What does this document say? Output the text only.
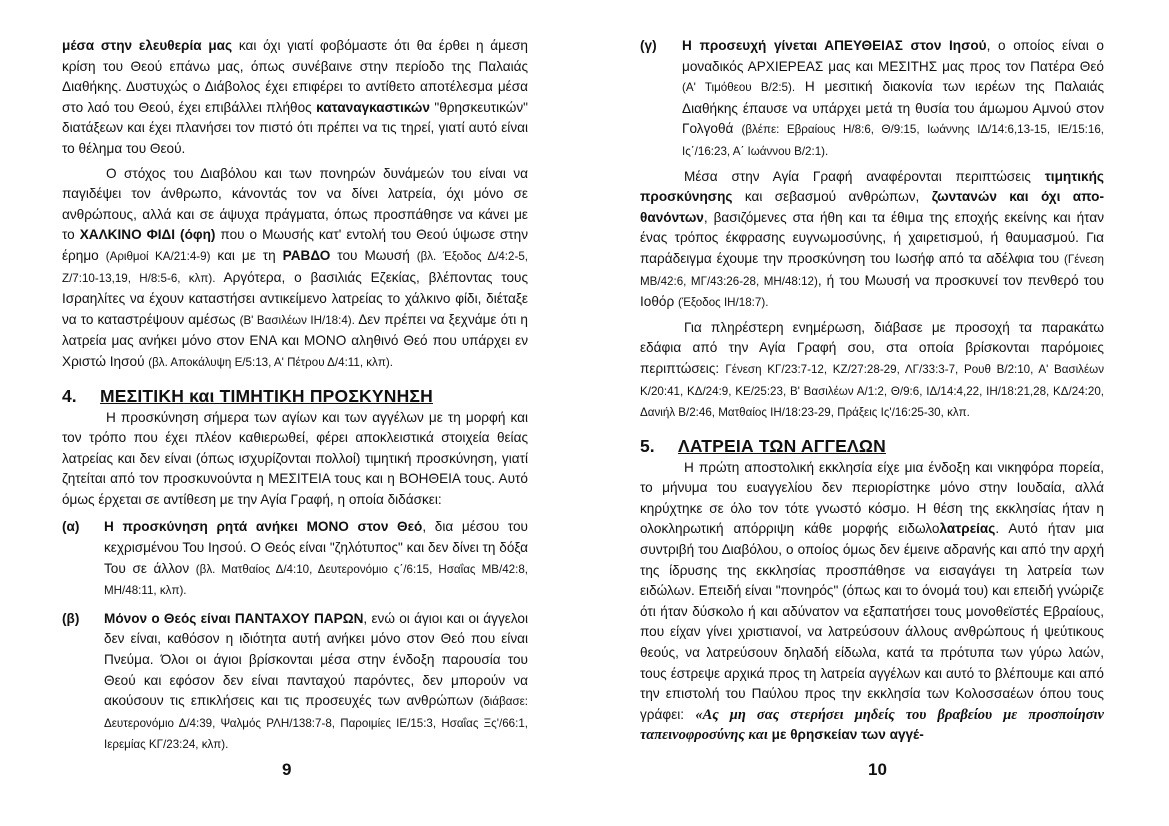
μέσα στην ελευθερία μας και όχι γιατί φοβόμαστε ότι θα έρθει η άμεση κρίση του Θεού επάνω μας, όπως συνέβαινε στην περίοδο της Παλαιάς Διαθήκης. Δυστυχώς ο Διάβολος έχει επιφέρει το αντίθετο αποτέλεσμα μέσα στο λαό του Θεού, έχει επιβάλλει πλήθος καταναγκαστικών "θρησκευτικών" διατάξεων και έχει πλανήσει τον πιστό ότι πρέπει να τις τηρεί, γιατί αυτό είναι το θέλημα του Θεού.

Ο στόχος του Διαβόλου και των πονηρών δυνάμεών του είναι να παγιδέψει τον άνθρωπο, κάνοντάς τον να δίνει λατρεία, όχι μόνο σε ανθρώπους, αλλά και σε άψυχα πράγματα, όπως προσπάθησε να κάνει με το ΧΑΛΚΙΝΟ ΦΙΔΙ (όφη) που ο Μωυσής κατ' εντολή του Θεού ύψωσε στην έρημο (Αριθμοί ΚΑ/21:4-9) και με τη ΡΑΒΔΟ του Μωυσή (βλ. Έξοδος Δ/4:2-5, Ζ/7:10-13,19, Η/8:5-6, κλπ). Αργότερα, ο βασιλιάς Εζεκίας, βλέποντας τους Ισραηλίτες να έχουν καταστήσει αντικείμενο λατρείας το χάλκινο φίδι, διέταξε να το καταστρέψουν αμέσως (Β' Βασιλέων ΙΗ/18:4). Δεν πρέπει να ξεχνάμε ότι η λατρεία μας ανήκει μόνο στον ΕΝΑ και ΜΟΝΟ αληθινό Θεό που υπάρχει εν Χριστώ Ιησού (βλ. Αποκάλυψη Ε/5:13, Α' Πέτρου Δ/4:11, κλπ).

4.	ΜΕΣΙΤΙΚΗ και ΤΙΜΗΤΙΚΗ ΠΡΟΣΚΥΝΗΣΗ

Η προσκύνηση σήμερα των αγίων και των αγγέλων με τη μορφή και τον τρόπο που έχει πλέον καθιερωθεί, φέρει αποκλειστικά στοιχεία θείας λατρείας και δεν είναι (όπως ισχυρίζονται πολλοί) τιμητική προσκύνηση, γιατί ζητείται από τον προσκυνούντα η ΜΕΣΙΤΕΙΑ τους και η ΒΟΗΘΕΙΑ τους. Αυτό όμως έρχεται σε αντίθεση με την Αγία Γραφή, η οποία διδάσκει:

(α)	Η προσκύνηση ρητά ανήκει ΜΟΝΟ στον Θεό, δια μέσου του κεχρισμένου Του Ιησού. Ο Θεός είναι "ζηλότυπος" και δεν δίνει τη δόξα Του σε άλλον (βλ. Ματθαίος Δ/4:10, Δευτερονόμιο ς΄/6:15, Ησαΐας ΜΒ/42:8, ΜΗ/48:11, κλπ).

(β)	Μόνον ο Θεός είναι ΠΑΝΤΑΧΟΥ ΠΑΡΩΝ, ενώ οι άγιοι και οι άγγελοι δεν είναι, καθόσον η ιδιότητα αυτή ανήκει μόνο στον Θεό που είναι Πνεύμα. Όλοι οι άγιοι βρίσκονται μέσα στην ένδοξη παρουσία του Θεού και εφόσον δεν είναι πανταχού παρόντες, δεν μπορούν να ακούσουν τις επικλήσεις και τις προσευχές των ανθρώπων (διάβασε: Δευτερονόμιο Δ/4:39, Ψαλμός ΡΛΗ/138:7-8, Παροιμίες ΙΕ/15:3, Ησαΐας Ξς'/66:1, Ιερεμίας ΚΓ/23:24, κλπ).

9
(γ)	Η προσευχή γίνεται ΑΠΕΥΘΕΙΑΣ στον Ιησού, ο οποίος είναι ο μοναδικός ΑΡΧΙΕΡΕΑΣ μας και ΜΕΣΙΤΗΣ μας προς τον Πατέρα Θεό (Α' Τιμόθεου Β/2:5). Η μεσιτική διακονία των ιερέων της Παλαιάς Διαθήκης έπαυσε να υπάρχει μετά τη θυσία του άμωμου Αμνού στον Γολγοθά (βλέπε: Εβραίους Η/8:6, Θ/9:15, Ιωάννης ΙΔ/14:6,13-15, ΙΕ/15:16, Ις΄/16:23, Α΄ Ιωάννου Β/2:1).

Μέσα στην Αγία Γραφή αναφέρονται περιπτώσεις τιμητικής προσκύνησης και σεβασμού ανθρώπων, ζωντανών και όχι αποθανόντων, βασιζόμενες στα ήθη και τα έθιμα της εποχής εκείνης και ήταν ένας τρόπος έκφρασης ευγνωμοσύνης, ή χαιρετισμού, ή θαυμασμού. Για παράδειγμα έχουμε την προσκύνηση του Ιωσήφ από τα αδέλφια του (Γένεση ΜΒ/42:6, ΜΓ/43:26-28, ΜΗ/48:12), ή του Μωυσή να προσκυνεί τον πενθερό του Ιοθόρ (Έξοδος ΙΗ/18:7).

Για πληρέστερη ενημέρωση, διάβασε με προσοχή τα παρακάτω εδάφια από την Αγία Γραφή σου, στα οποία βρίσκονται παρόμοιες περιπτώσεις: Γένεση ΚΓ/23:7-12, ΚΖ/27:28-29, ΛΓ/33:3-7, Ρουθ Β/2:10, Α' Βασιλέων Κ/20:41, ΚΔ/24:9, ΚΕ/25:23, Β' Βασιλέων Α/1:2, Θ/9:6, ΙΔ/14:4,22, ΙΗ/18:21,28, ΚΔ/24:20, Δανιήλ Β/2:46, Ματθαίος ΙΗ/18:23-29, Πράξεις Ις'/16:25-30, κλπ.

5.	ΛΑΤΡΕΙΑ ΤΩΝ ΑΓΓΕΛΩΝ

Η πρώτη αποστολική εκκλησία είχε μια ένδοξη και νικηφόρα πορεία, το μήνυμα του ευαγγελίου δεν περιορίστηκε μόνο στην Ιουδαία, αλλά κηρύχτηκε σε όλο τον τότε γνωστό κόσμο. Η θέση της εκκλησίας ήταν η ολοκληρωτική απόρριψη κάθε μορφής ειδωλολατρείας. Αυτό ήταν μια συντριβή του Διαβόλου, ο οποίος όμως δεν έμεινε αδρανής και από την αρχή της ίδρυσης της εκκλησίας προσπάθησε να εισαγάγει τη λατρεία των ειδώλων. Επειδή είναι "πονηρός" (όπως και το όνομά του) και επειδή γνώριζε ότι ήταν δύσκολο ή και αδύνατον να εξαπατήσει τους μονοθεϊστές Εβραίους, που είχαν γίνει χριστιανοί, να λατρεύσουν άλλους ανθρώπους ή ψεύτικους θεούς, να λατρεύσουν δηλαδή είδωλα, κατά τα πρότυπα των γύρω λαών, τους έστρεψε αρχικά προς τη λατρεία αγγέλων και αυτό το βλέπουμε και από την επιστολή του Παύλου προς την εκκλησία των Κολοσσαέων όπου τους γράφει: «Ας μη σας στερήσει μηδείς του βραβείου με προσποίησιν ταπεινοφροσύνης και με θρησκείαν των αγγέ-

10
